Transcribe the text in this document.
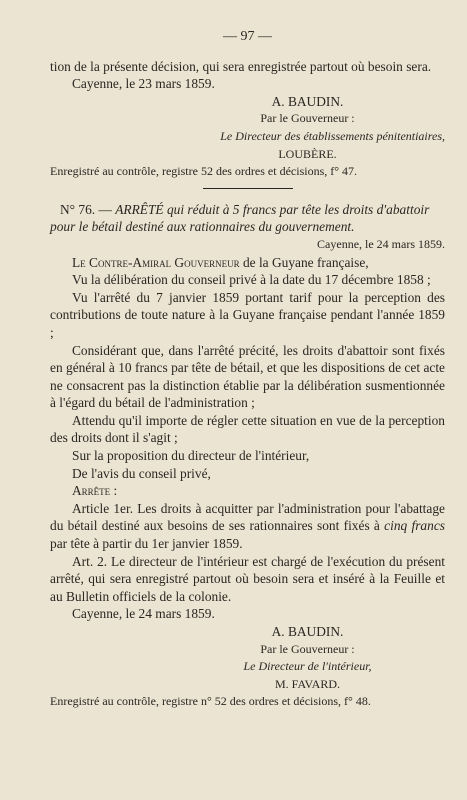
— 97 —

tion de la présente décision, qui sera enregistrée partout où besoin sera.

Cayenne, le 23 mars 1859.

A. BAUDIN.

Par le Gouverneur :

Le Directeur des établissements pénitentiaires,

LOUBÈRE.

Enregistré au contrôle, registre 52 des ordres et décisions, f° 47.

N° 76. — ARRÊTÉ qui réduit à 5 francs par tête les droits d'abattoir pour le bétail destiné aux rationnaires du gouvernement.

Cayenne, le 24 mars 1859.

Le Contre-Amiral Gouverneur de la Guyane française,

Vu la délibération du conseil privé à la date du 17 décembre 1858 ;

Vu l'arrêté du 7 janvier 1859 portant tarif pour la perception des contributions de toute nature à la Guyane française pendant l'année 1859 ;

Considérant que, dans l'arrêté précité, les droits d'abattoir sont fixés en général à 10 francs par tête de bétail, et que les dispositions de cet acte ne consacrent pas la distinction établie par la délibération susmentionnée à l'égard du bétail de l'administration ;

Attendu qu'il importe de régler cette situation en vue de la perception des droits dont il s'agit ;

Sur la proposition du directeur de l'intérieur,

De l'avis du conseil privé,

Arrête :

Article 1er. Les droits à acquitter par l'administration pour l'abattage du bétail destiné aux besoins de ses rationnaires sont fixés à cinq francs par tête à partir du 1er janvier 1859.

Art. 2. Le directeur de l'intérieur est chargé de l'exécution du présent arrêté, qui sera enregistré partout où besoin sera et inséré à la Feuille et au Bulletin officiels de la colonie.

Cayenne, le 24 mars 1859.

A. BAUDIN.

Par le Gouverneur :

Le Directeur de l'intérieur,

M. FAVARD.

Enregistré au contrôle, registre n° 52 des ordres et décisions, f° 48.
